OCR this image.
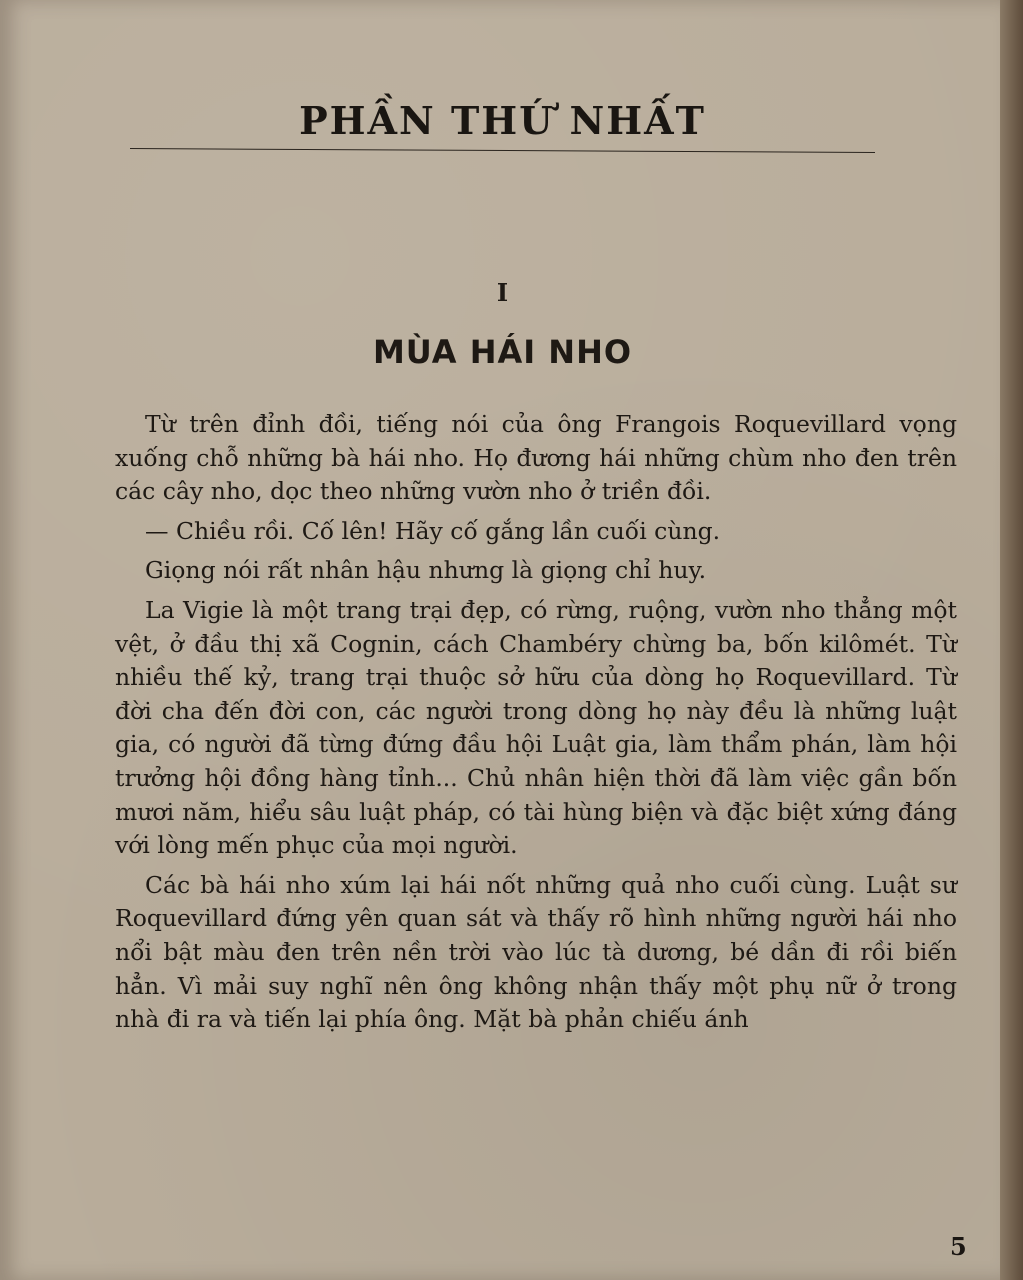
PHẦN THỨ NHẤT
I
MÙA HÁI NHO

Từ trên đỉnh đồi, tiếng nói của ông Frangois Roquevillard vọng xuống chỗ những bà hái nho. Họ đương hái những chùm nho đen trên các cây nho, dọc theo những vườn nho ở triền đồi.

— Chiều rồi. Cố lên! Hãy cố gắng lần cuối cùng.

Giọng nói rất nhân hậu nhưng là giọng chỉ huy.

La Vigie là một trang trại đẹp, có rừng, ruộng, vườn nho thẳng một vệt, ở đầu thị xã Cognin, cách Chambéry chừng ba, bốn kilômét. Từ nhiều thế kỷ, trang trại thuộc sở hữu của dòng họ Roquevillard. Từ đời cha đến đời con, các người trong dòng họ này đều là những luật gia, có người đã từng đứng đầu hội Luật gia, làm thẩm phán, làm hội trưởng hội đồng hàng tỉnh... Chủ nhân hiện thời đã làm việc gần bốn mươi năm, hiểu sâu luật pháp, có tài hùng biện và đặc biệt xứng đáng với lòng mến phục của mọi người.

Các bà hái nho xúm lại hái nốt những quả nho cuối cùng. Luật sư Roquevillard đứng yên quan sát và thấy rõ hình những người hái nho nổi bật màu đen trên nền trời vào lúc tà dương, bé dần đi rồi biến hẳn. Vì mải suy nghĩ nên ông không nhận thấy một phụ nữ ở trong nhà đi ra và tiến lại phía ông. Mặt bà phản chiếu ánh

5
